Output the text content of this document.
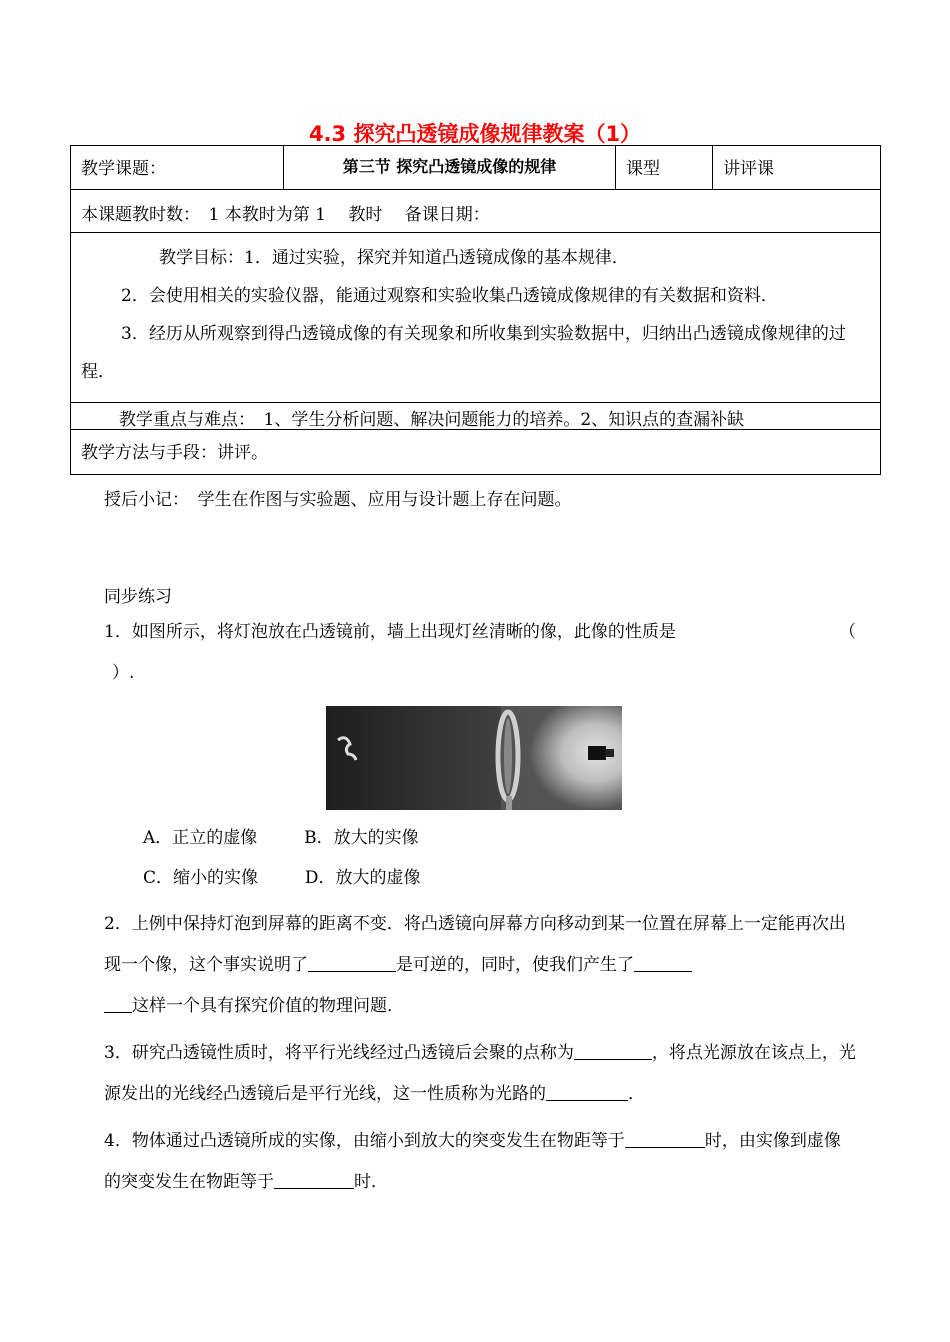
4.3 探究凸透镜成像规律教案（1）
教学课题：	第三节 探究凸透镜成像的规律	课型	讲评课
本课题教时数：　1 本教时为第 1　 教时　 备课日期：

教学目标：1．通过实验，探究并知道凸透镜成像的基本规律．

2．会使用相关的实验仪器，能通过观察和实验收集凸透镜成像规律的有关数据和资料．

3．经历从所观察到得凸透镜成像的有关现象和所收集到实验数据中，归纳出凸透镜成像规律的过程．

教学重点与难点：　1、学生分析问题、解决问题能力的培养。2、知识点的查漏补缺
教学方法与手段：讲评。
授后小记：　学生在作图与实验题、应用与设计题上存在问题。
同步练习
1．如图所示，将灯泡放在凸透镜前，墙上出现灯丝清晰的像，此像的性质是	（

）.
A．正立的虚像	B．放大的实像
C．缩小的实像	D．放大的虚像
2．上例中保持灯泡到屏幕的距离不变．将凸透镜向屏幕方向移动到某一位置在屏幕上一定能再次出现一个像，这个事实说明了	是可逆的，同时，使我们产生了
这样一个具有探究价值的物理问题．
3．研究凸透镜性质时，将平行光线经过凸透镜后会聚的点称为	，将点光源放在该点上，光源发出的光线经凸透镜后是平行光线，这一性质称为光路的	．
4．物体通过凸透镜所成的实像，由缩小到放大的突变发生在物距等于	时，由实像到虚像的突变发生在物距等于	时．
